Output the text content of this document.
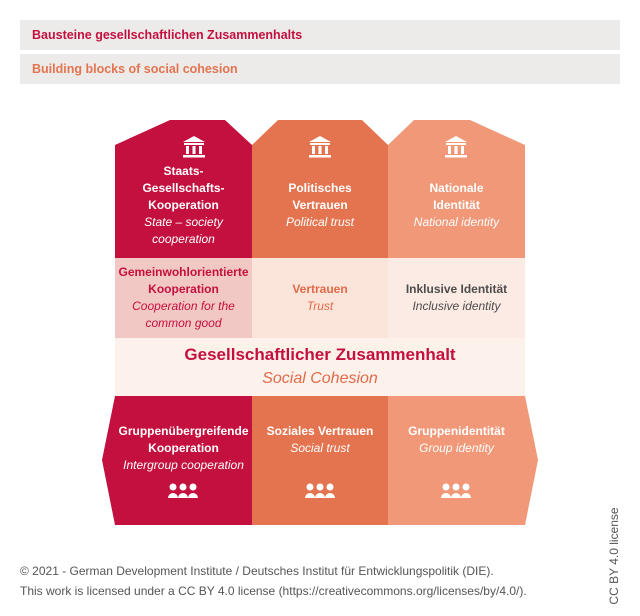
Bausteine gesellschaftlichen Zusammenhalts
Building blocks of social cohesion
Staats-
Gesellschafts-
Kooperation
State – society
cooperation
Gemeinwohlorientierte
Kooperation
Cooperation for the
common good
Gruppenübergreifende
Kooperation
Intergroup cooperation
Politisches
Vertrauen
Political trust
Vertrauen
Trust
Soziales Vertrauen
Social trust
Nationale
Identität
National identity
Inklusive Identität
Inclusive identity
Gruppenidentität
Group identity
Gesellschaftlicher Zusammenhalt
Social Cohesion
© 2021 - German Development Institute / Deutsches Institut für Entwicklungspolitik (DIE).
This work is licensed under a CC BY 4.0 license (https://creativecommons.org/licenses/by/4.0/).	CC BY 4.0 license
